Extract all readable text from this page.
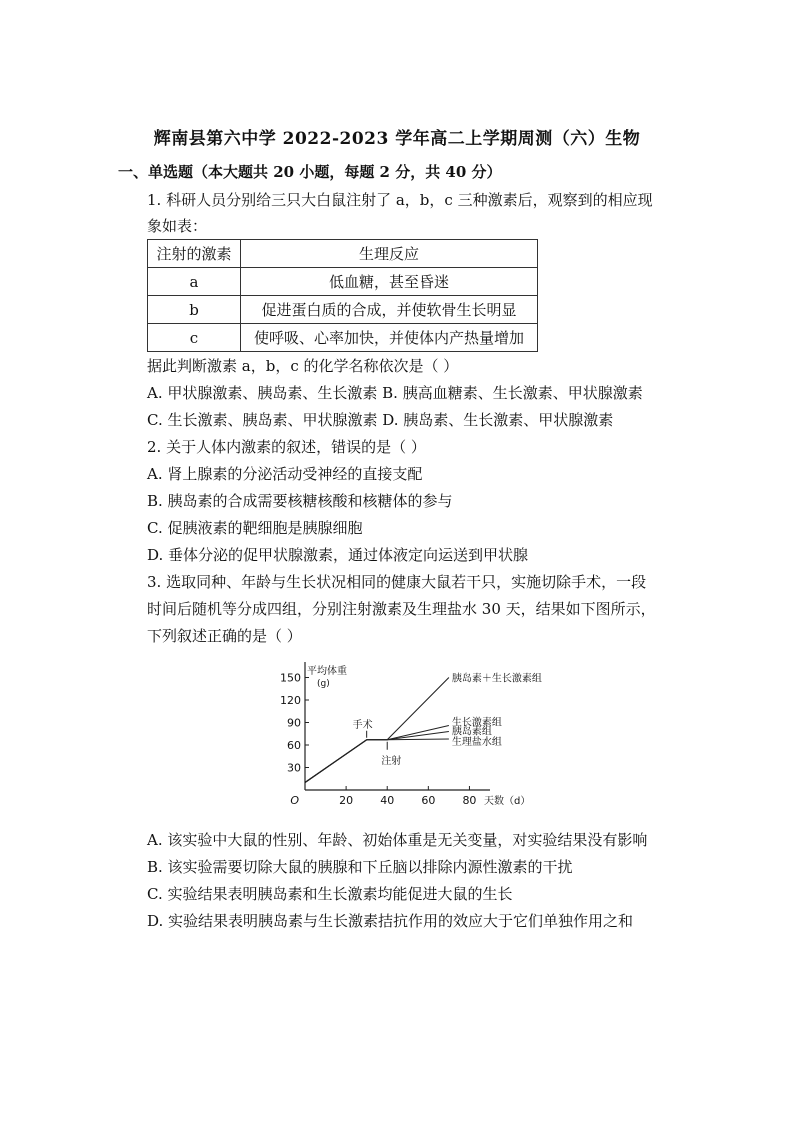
辉南县第六中学 2022-2023 学年高二上学期周测（六）生物
一、单选题（本大题共 20 小题，每题 2 分，共 40 分）
1. 科研人员分别给三只大白鼠注射了 a，b，c 三种激素后，观察到的相应现
象如表：
注射的激素	生理反应
a	低血糖，甚至昏迷
b	促进蛋白质的合成，并使软骨生长明显
c	使呼吸、心率加快，并使体内产热量增加
据此判断激素 a，b，c 的化学名称依次是（ ）
A. 甲状腺激素、胰岛素、生长激素 B. 胰高血糖素、生长激素、甲状腺激素
C. 生长激素、胰岛素、甲状腺激素 D. 胰岛素、生长激素、甲状腺激素
2. 关于人体内激素的叙述，错误的是（ ）
A. 肾上腺素的分泌活动受神经的直接支配
B. 胰岛素的合成需要核糖核酸和核糖体的参与
C. 促胰液素的靶细胞是胰腺细胞
D. 垂体分泌的促甲状腺激素，通过体液定向运送到甲状腺
3. 选取同种、年龄与生长状况相同的健康大鼠若干只，实施切除手术，一段
时间后随机等分成四组，分别注射激素及生理盐水 30 天，结果如下图所示，
下列叙述正确的是（ ）
30
60
90
120
150
20 40 60 80
O
平均体重
(g)
天数（d）
胰岛素＋生长激素组
生长激素组
胰岛素组
生理盐水组
手术
注射
A. 该实验中大鼠的性别、年龄、初始体重是无关变量，对实验结果没有影响
B. 该实验需要切除大鼠的胰腺和下丘脑以排除内源性激素的干扰
C. 实验结果表明胰岛素和生长激素均能促进大鼠的生长
D. 实验结果表明胰岛素与生长激素拮抗作用的效应大于它们单独作用之和
